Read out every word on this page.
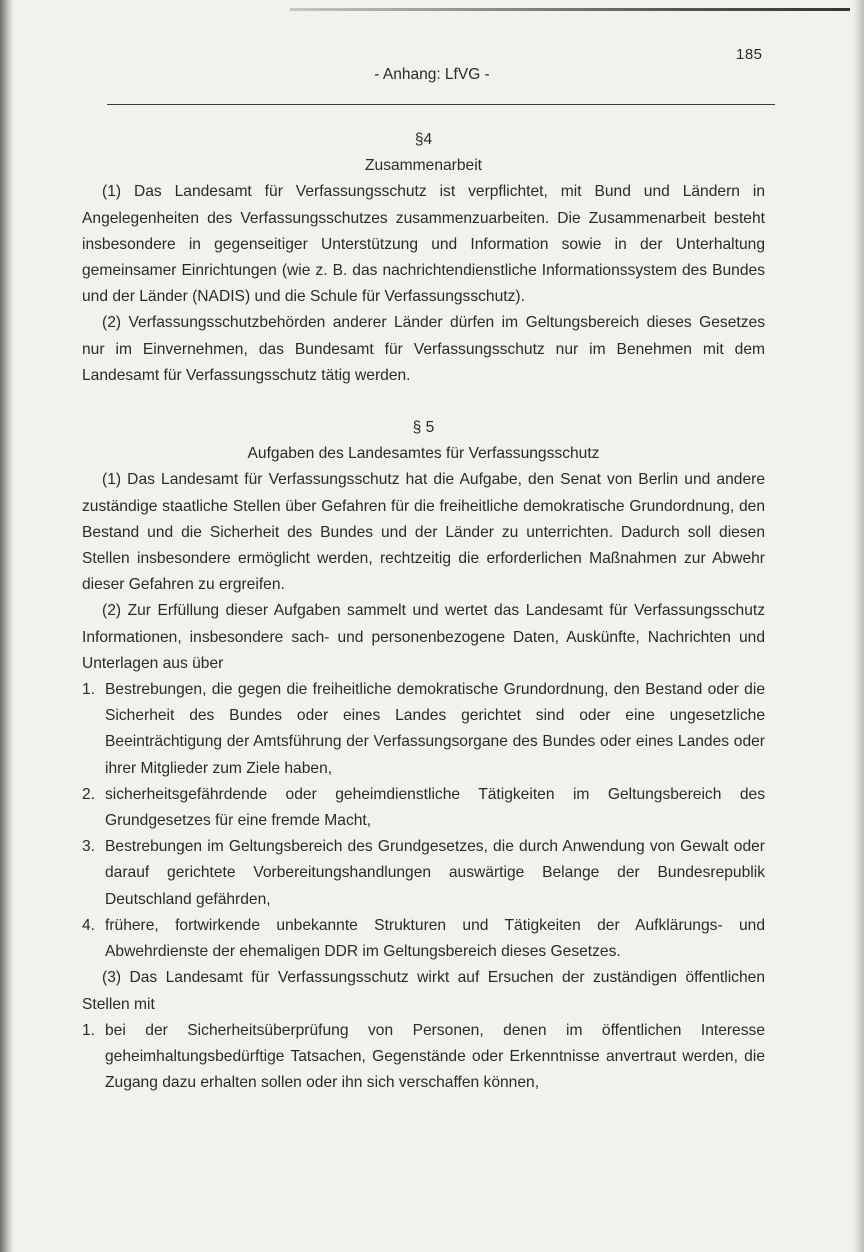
185
- Anhang: LfVG -

§4

Zusammenarbeit

(1) Das Landesamt für Verfassungsschutz ist verpflichtet, mit Bund und Ländern in Angelegenheiten des Verfassungsschutzes zusammenzuarbeiten. Die Zusammenarbeit besteht insbesondere in gegenseitiger Unterstützung und Information sowie in der Unterhaltung gemeinsamer Einrichtungen (wie z. B. das nachrichtendienstliche Informationssystem des Bundes und der Länder (NADIS) und die Schule für Verfassungsschutz).

(2) Verfassungsschutzbehörden anderer Länder dürfen im Geltungsbereich dieses Gesetzes nur im Einvernehmen, das Bundesamt für Verfassungsschutz nur im Benehmen mit dem Landesamt für Verfassungsschutz tätig werden.

§ 5

Aufgaben des Landesamtes für Verfassungsschutz

(1) Das Landesamt für Verfassungsschutz hat die Aufgabe, den Senat von Berlin und andere zuständige staatliche Stellen über Gefahren für die freiheitliche demokratische Grundordnung, den Bestand und die Sicherheit des Bundes und der Länder zu unterrichten. Dadurch soll diesen Stellen insbesondere ermöglicht werden, rechtzeitig die erforderlichen Maßnahmen zur Abwehr dieser Gefahren zu ergreifen.

(2) Zur Erfüllung dieser Aufgaben sammelt und wertet das Landesamt für Verfassungsschutz Informationen, insbesondere sach- und personenbezogene Daten, Auskünfte, Nachrichten und Unterlagen aus über

1. Bestrebungen, die gegen die freiheitliche demokratische Grundordnung, den Bestand oder die Sicherheit des Bundes oder eines Landes gerichtet sind oder eine ungesetzliche Beeinträchtigung der Amtsführung der Verfassungsorgane des Bundes oder eines Landes oder ihrer Mitglieder zum Ziele haben,
2. sicherheitsgefährdende oder geheimdienstliche Tätigkeiten im Geltungsbereich des Grundgesetzes für eine fremde Macht,
3. Bestrebungen im Geltungsbereich des Grundgesetzes, die durch Anwendung von Gewalt oder darauf gerichtete Vorbereitungshandlungen auswärtige Belange der Bundesrepublik Deutschland gefährden,
4. frühere, fortwirkende unbekannte Strukturen und Tätigkeiten der Aufklärungs- und Abwehrdienste der ehemaligen DDR im Geltungsbereich dieses Gesetzes.

(3) Das Landesamt für Verfassungsschutz wirkt auf Ersuchen der zuständigen öffentlichen Stellen mit

1. bei der Sicherheitsüberprüfung von Personen, denen im öffentlichen Interesse geheimhaltungsbedürftige Tatsachen, Gegenstände oder Erkenntnisse anvertraut werden, die Zugang dazu erhalten sollen oder ihn sich verschaffen können,
